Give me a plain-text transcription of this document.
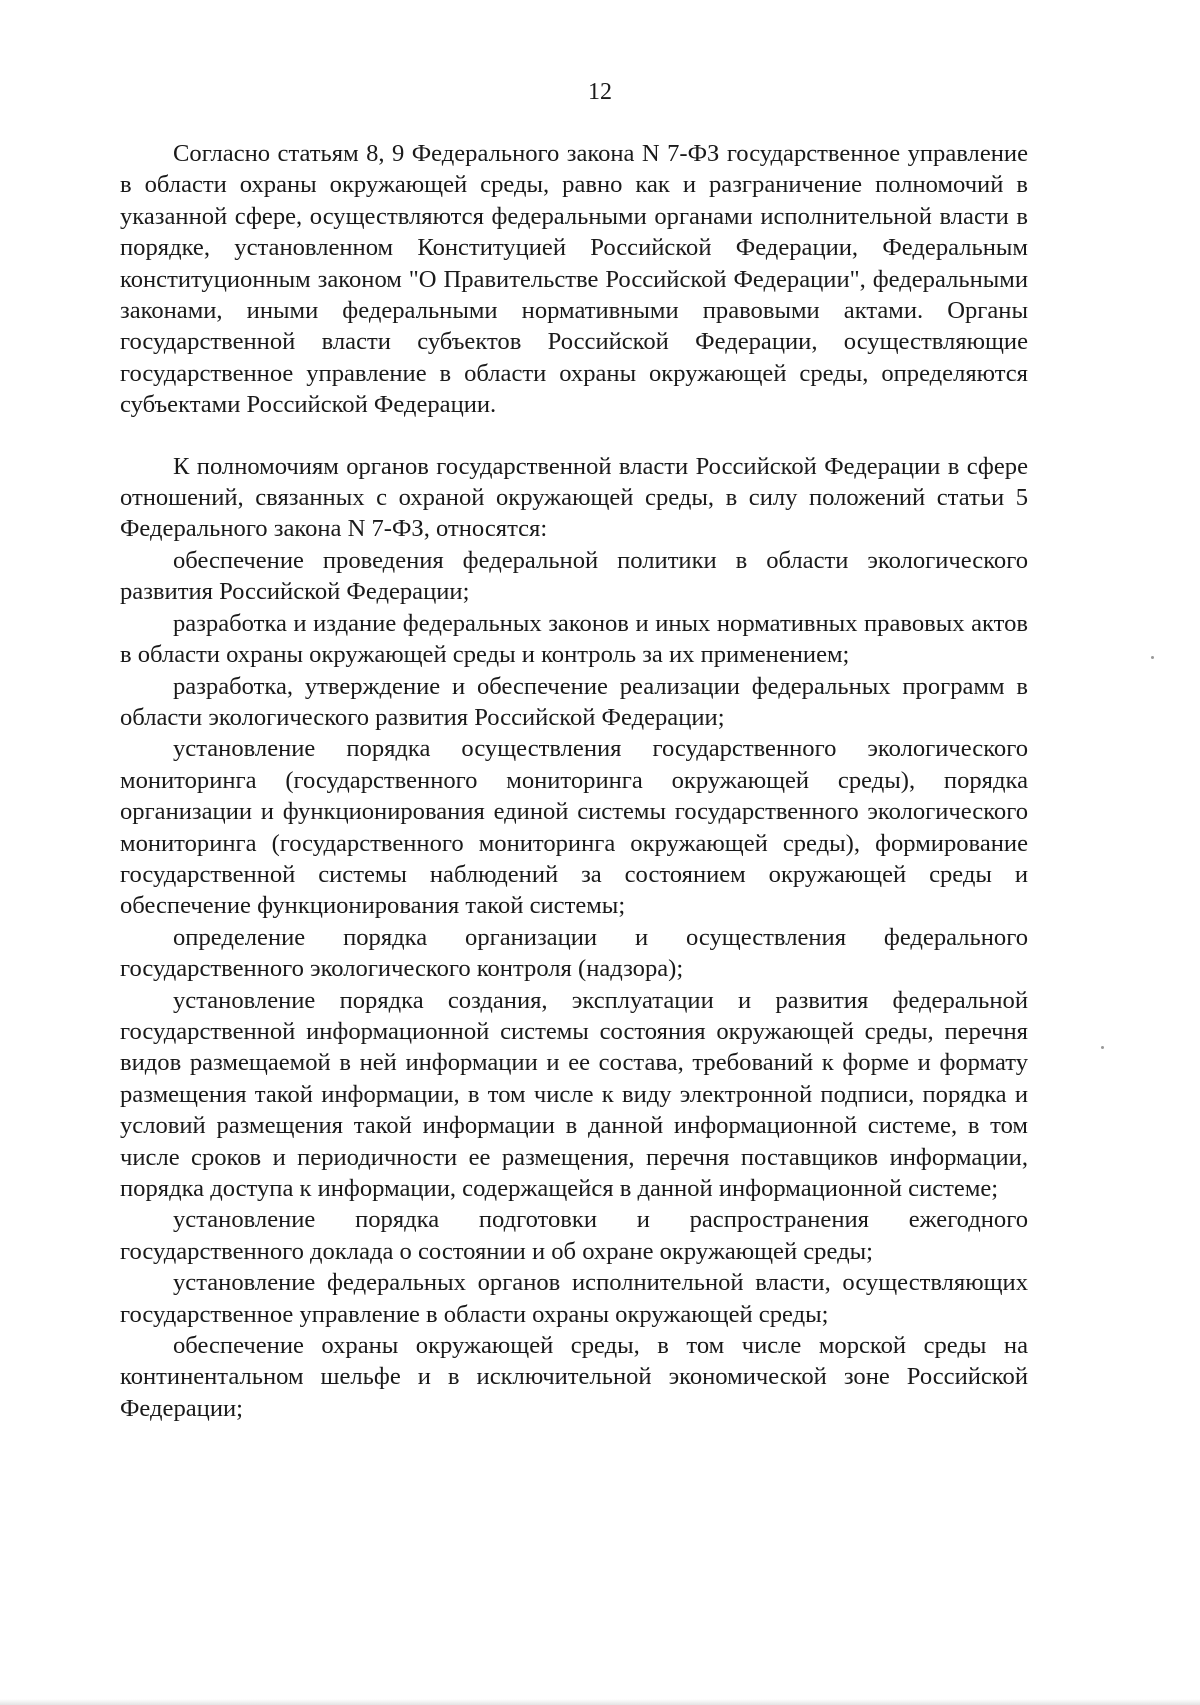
12

Согласно статьям 8, 9 Федерального закона N 7-ФЗ государственное управление в области охраны окружающей среды, равно как и разграничение полномочий в указанной сфере, осуществляются федеральными органами исполнительной власти в порядке, установленном Конституцией Российской Федерации, Федеральным конституционным законом "О Правительстве Российской Федерации", федеральными законами, иными федеральными нормативными правовыми актами. Органы государственной власти субъектов Российской Федерации, осуществляющие государственное управление в области охраны окружающей среды, определяются субъектами Российской Федерации.

К полномочиям органов государственной власти Российской Федерации в сфере отношений, связанных с охраной окружающей среды, в силу положений статьи 5 Федерального закона N 7-ФЗ, относятся:

обеспечение проведения федеральной политики в области экологического развития Российской Федерации;

разработка и издание федеральных законов и иных нормативных правовых актов в области охраны окружающей среды и контроль за их применением;

разработка, утверждение и обеспечение реализации федеральных программ в области экологического развития Российской Федерации;

установление порядка осуществления государственного экологического мониторинга (государственного мониторинга окружающей среды), порядка организации и функционирования единой системы государственного экологического мониторинга (государственного мониторинга окружающей среды), формирование государственной системы наблюдений за состоянием окружающей среды и обеспечение функционирования такой системы;

определение порядка организации и осуществления федерального государственного экологического контроля (надзора);

установление порядка создания, эксплуатации и развития федеральной государственной информационной системы состояния окружающей среды, перечня видов размещаемой в ней информации и ее состава, требований к форме и формату размещения такой информации, в том числе к виду электронной подписи, порядка и условий размещения такой информации в данной информационной системе, в том числе сроков и периодичности ее размещения, перечня поставщиков информации, порядка доступа к информации, содержащейся в данной информационной системе;

установление порядка подготовки и распространения ежегодного государственного доклада о состоянии и об охране окружающей среды;

установление федеральных органов исполнительной власти, осуществляющих государственное управление в области охраны окружающей среды;

обеспечение охраны окружающей среды, в том числе морской среды на континентальном шельфе и в исключительной экономической зоне Российской Федерации;
